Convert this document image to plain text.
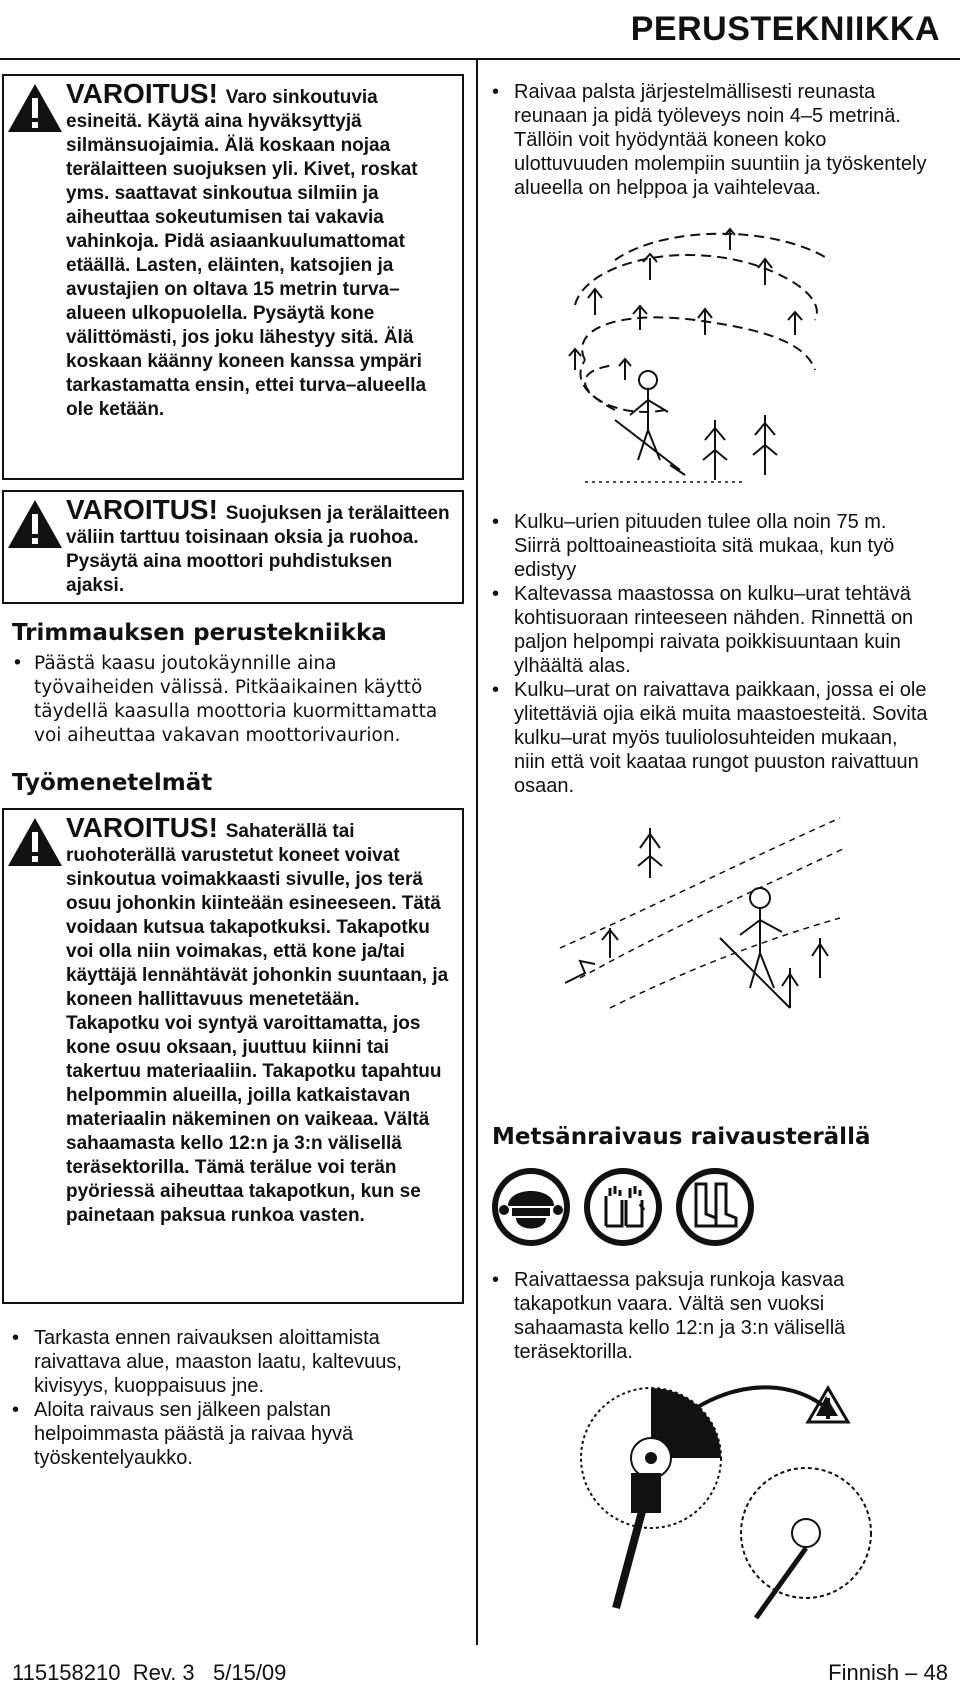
PERUSTEKNIIKKA
VAROITUS! Varo sinkoutuvia esineitä. Käytä aina hyväksyttyjä silmänsuojaimia. Älä koskaan nojaa terälaitteen suojuksen yli. Kivet, roskat yms. saattavat sinkoutua silmiin ja aiheuttaa sokeutumisen tai vakavia vahinkoja. Pidä asiaankuulumattomat etäällä. Lasten, eläinten, katsojien ja avustajien on oltava 15 metrin turva–alueen ulkopuolella. Pysäytä kone välittömästi, jos joku lähestyy sitä. Älä koskaan käänny koneen kanssa ympäri tarkastamatta ensin, ettei turva–alueella ole ketään.
VAROITUS! Suojuksen ja terälaitteen väliin tarttuu toisinaan oksia ja ruohoa. Pysäytä aina moottori puhdistuksen ajaksi.
Trimmauksen perustekniikka
• Päästä kaasu joutokäynnille aina työvaiheiden välissä. Pitkäaikainen käyttö täydellä kaasulla moottoria kuormittamatta voi aiheuttaa vakavan moottorivaurion.
Työmenetelmät
VAROITUS! Sahaterällä tai ruohoterällä varustetut koneet voivat sinkoutua voimakkaasti sivulle, jos terä osuu johonkin kiinteään esineeseen. Tätä voidaan kutsua takapotkuksi. Takapotku voi olla niin voimakas, että kone ja/tai käyttäjä lennähtävät johonkin suuntaan, ja koneen hallittavuus menetetään. Takapotku voi syntyä varoittamatta, jos kone osuu oksaan, juuttuu kiinni tai takertuu materiaaliin. Takapotku tapahtuu helpommin alueilla, joilla katkaistavan materiaalin näkeminen on vaikeaa. Vältä sahaamasta kello 12:n ja 3:n välisellä teräsektorilla. Tämä terälue voi terän pyöriessä aiheuttaa takapotkun, kun se painetaan paksua runkoa vasten.
• Tarkasta ennen raivauksen aloittamista raivattava alue, maaston laatu, kaltevuus, kivisyys, kuoppaisuus jne.
• Aloita raivaus sen jälkeen palstan helpoimmasta päästä ja raivaa hyvä työskentelyaukko.
• Raivaa palsta järjestelmällisesti reunasta reunaan ja pidä työleveys noin 4–5 metrinä. Tällöin voit hyödyntää koneen koko ulottuvuuden molempiin suuntiin ja työskentely alueella on helppoa ja vaihtelevaa.
• Kulku–urien pituuden tulee olla noin 75 m. Siirrä polttoaineastioita sitä mukaa, kun työ edistyy
• Kaltevassa maastossa on kulku–urat tehtävä kohtisuoraan rinteeseen nähden. Rinnettä on paljon helpompi raivata poikkisuuntaan kuin ylhäältä alas.
• Kulku–urat on raivattava paikkaan, jossa ei ole ylitettäviä ojia eikä muita maastoesteitä. Sovita kulku–urat myös tuuliolosuhteiden mukaan, niin että voit kaataa rungot puuston raivattuun osaan.
Metsänraivaus raivausterällä
• Raivattaessa paksuja runkoja kasvaa takapotkun vaara. Vältä sen vuoksi sahaamasta kello 12:n ja 3:n välisellä teräsektorilla.
115158210  Rev. 3   5/15/09	Finnish – 48
